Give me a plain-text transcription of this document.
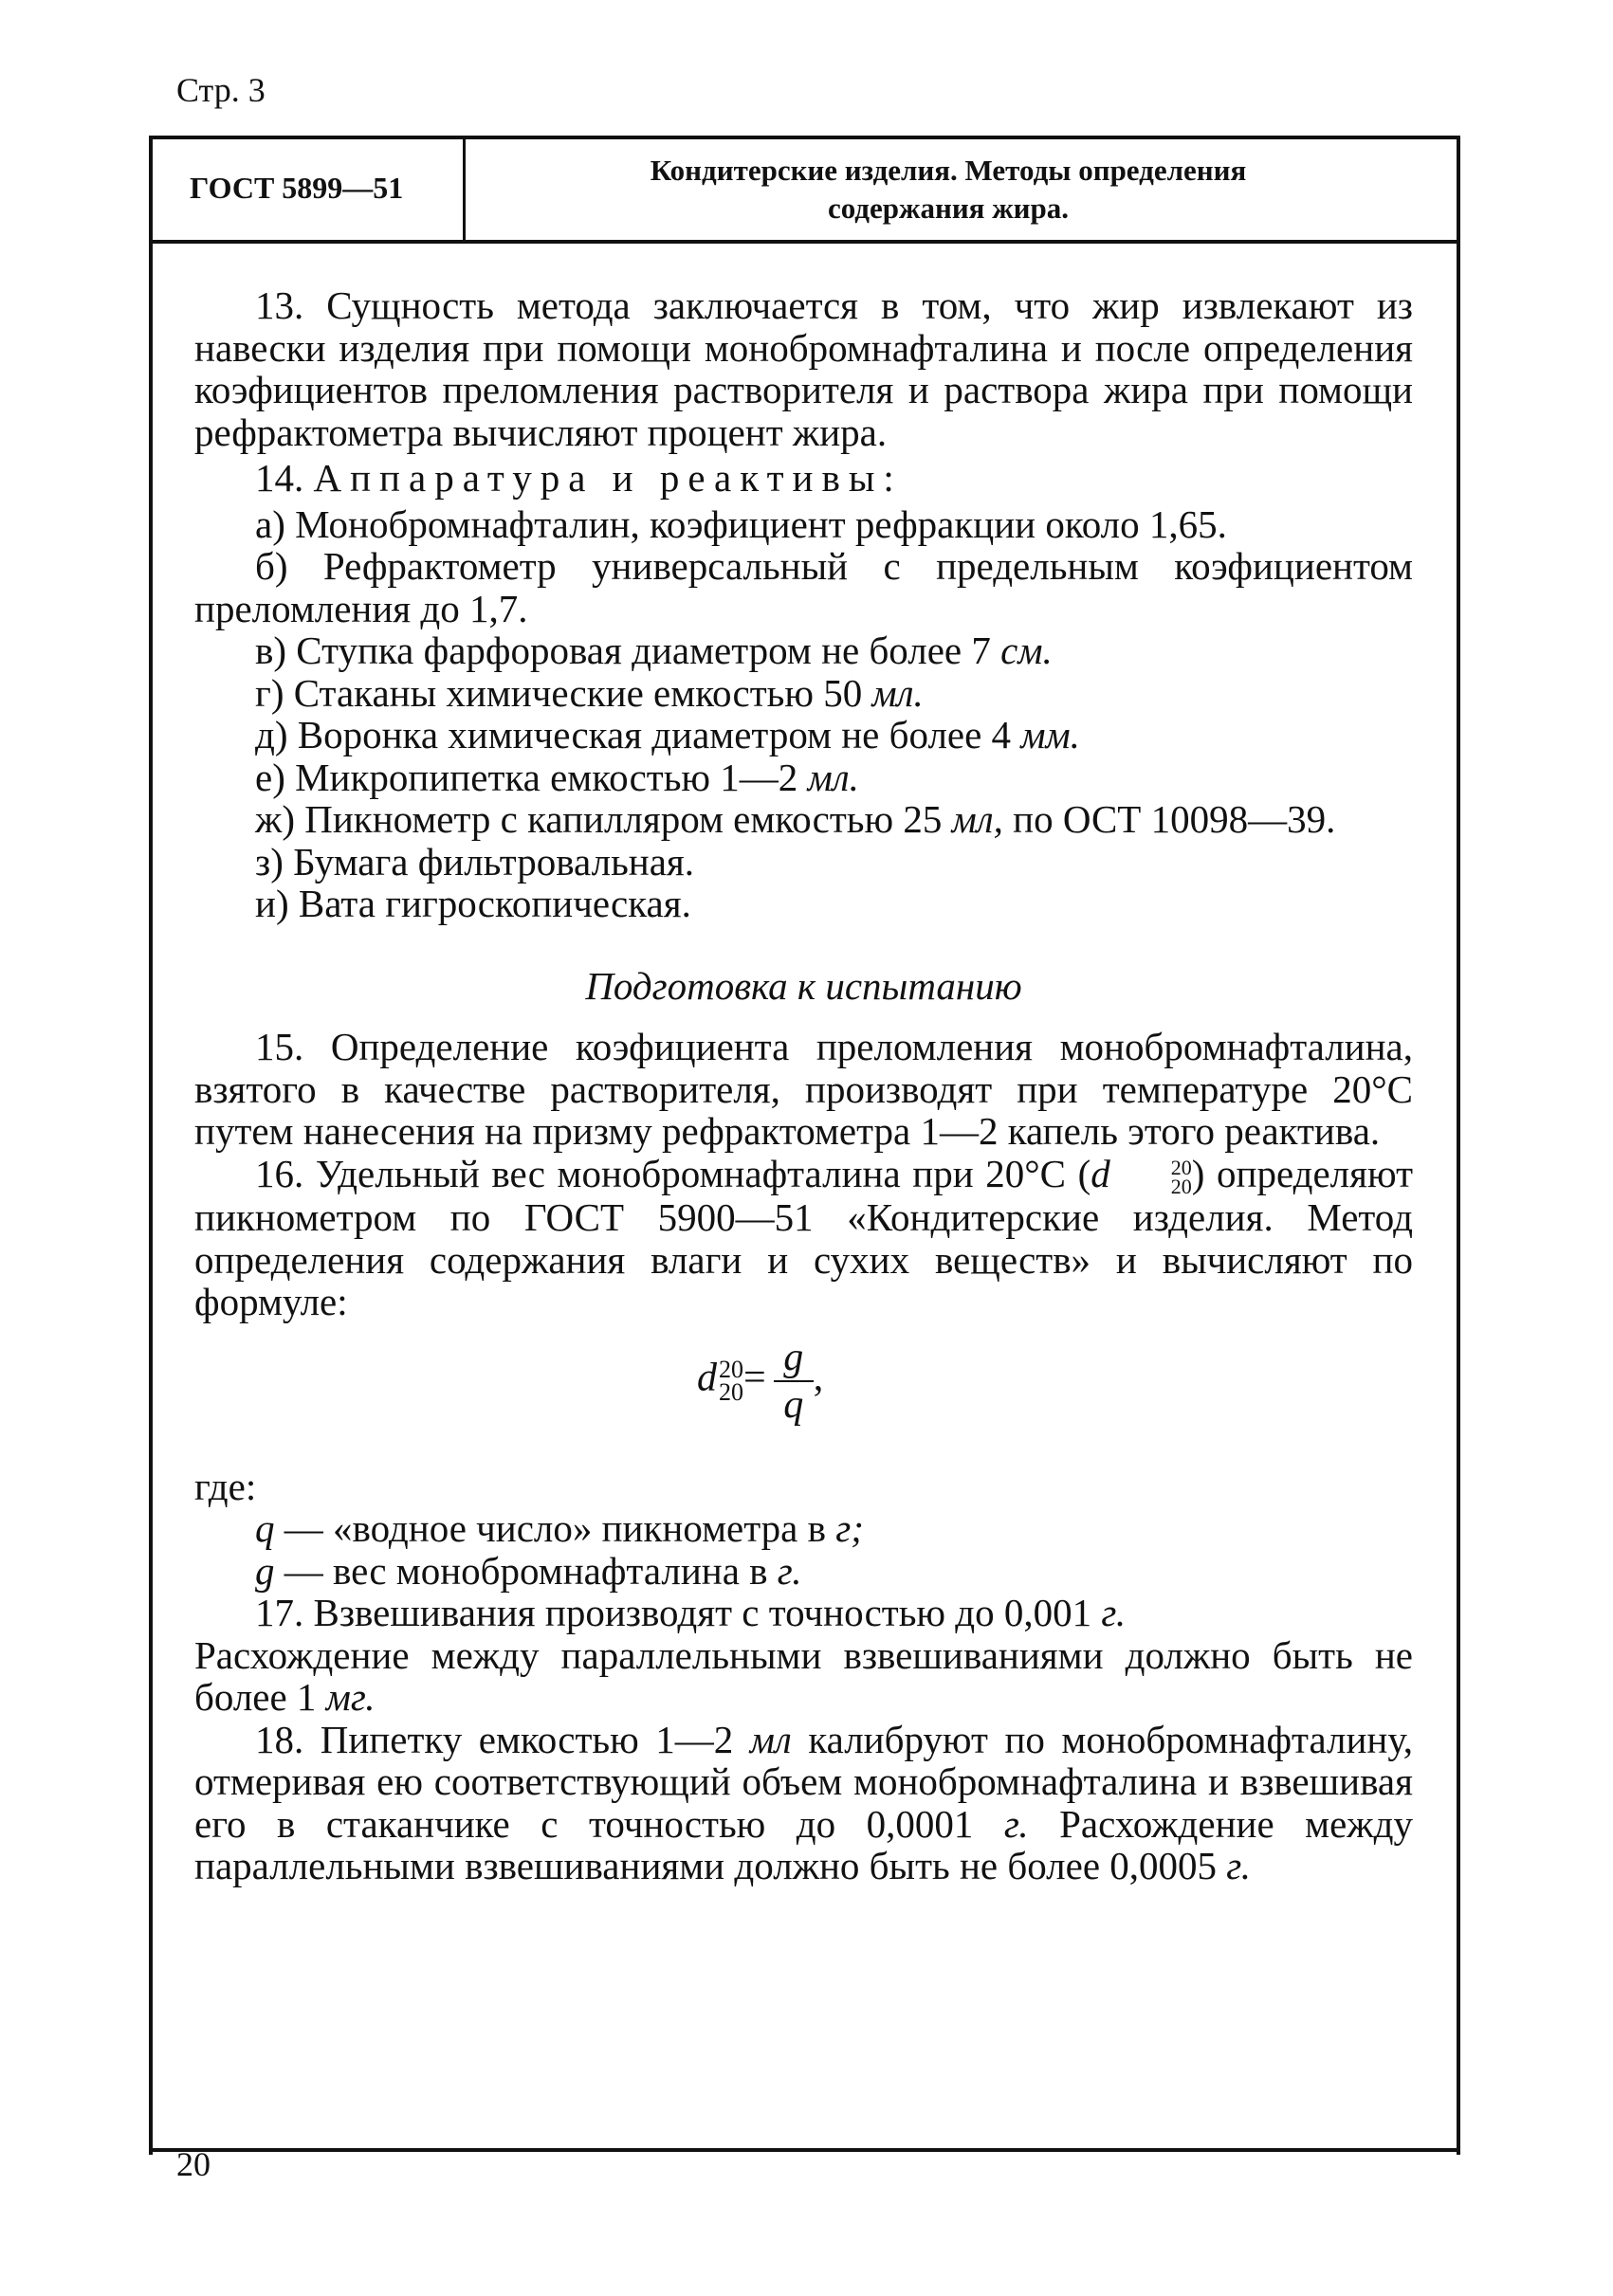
Стр. 3
ГОСТ 5899—51
Кондитерские изделия. Методы определения
содержания жира.

13. Сущность метода заключается в том, что жир извлекают из навески изделия при помощи монобромнафталина и после определения коэфициентов преломления растворителя и раствора жира при помощи рефрактометра вычисляют процент жира.

14. Аппаратура и реактивы:

а) Монобромнафталин, коэфициент рефракции около 1,65.

б) Рефрактометр универсальный с предельным коэфициентом преломления до 1,7.

в) Ступка фарфоровая диаметром не более 7 см.

г) Стаканы химические емкостью 50 мл.

д) Воронка химическая диаметром не более 4 мм.

е) Микропипетка емкостью 1—2 мл.

ж) Пикнометр с капилляром емкостью 25 мл, по ОСТ 10098—39.

з) Бумага фильтровальная.

и) Вата гигроскопическая.

Подготовка к испытанию

15. Определение коэфициента преломления монобромнафталина, взятого в качестве растворителя, производят при температуре 20°С путем нанесения на призму рефрактометра 1—2 капель этого реактива.

16. Удельный вес монобромнафталина при 20°С (d	20
20 ) определяют пикнометром по ГОСТ 5900—51 «Кондитерские изделия. Метод определения содержания влаги и сухих веществ» и вычисляют по формуле:

d 20
$20 = \frac{g}{q}$ ,

где:

q — «водное число» пикнометра в г;

g — вес монобромнафталина в г.

17. Взвешивания производят с точностью до 0,001 г.

Расхождение между параллельными взвешиваниями должно быть не более 1 мг.

18. Пипетку емкостью 1—2 мл калибруют по монобромнафталину, отмеривая ею соответствующий объем монобромнафталина и взвешивая его в стаканчике с точностью до 0,0001 г. Расхождение между параллельными взвешиваниями должно быть не более 0,0005 г.

20
